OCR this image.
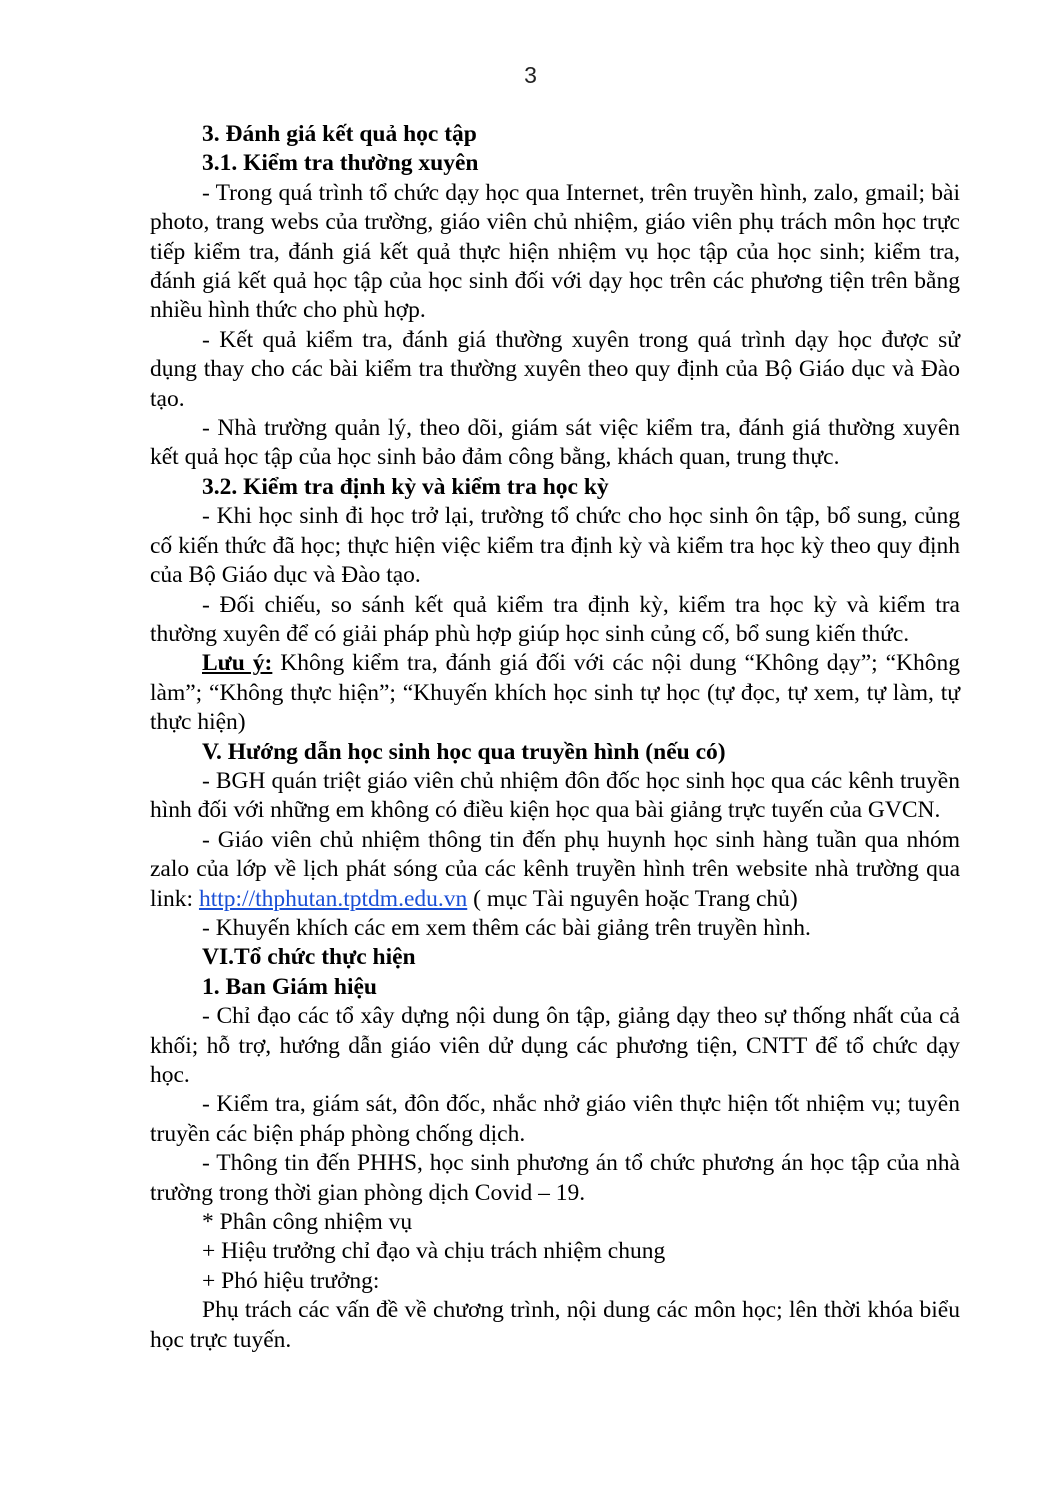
3

3. Đánh giá kết quả học tập

3.1. Kiểm tra thường xuyên

- Trong quá trình tổ chức dạy học qua Internet, trên truyền hình, zalo, gmail; bài photo, trang webs của trường, giáo viên chủ nhiệm, giáo viên phụ trách môn học trực tiếp kiểm tra, đánh giá kết quả thực hiện nhiệm vụ học tập của học sinh; kiểm tra, đánh giá kết quả học tập của học sinh đối với dạy học trên các phương tiện trên bằng nhiều hình thức cho phù hợp.

- Kết quả kiểm tra, đánh giá thường xuyên trong quá trình dạy học được sử dụng thay cho các bài kiểm tra thường xuyên theo quy định của Bộ Giáo dục và Đào tạo.

- Nhà trường quản lý, theo dõi, giám sát việc kiểm tra, đánh giá thường xuyên kết quả học tập của học sinh bảo đảm công bằng, khách quan, trung thực.

3.2. Kiểm tra định kỳ và kiểm tra học kỳ

- Khi học sinh đi học trở lại, trường tổ chức cho học sinh ôn tập, bổ sung, củng cố kiến thức đã học; thực hiện việc kiểm tra định kỳ và kiểm tra học kỳ theo quy định của Bộ Giáo dục và Đào tạo.

- Đối chiếu, so sánh kết quả kiểm tra định kỳ, kiểm tra học kỳ và kiểm tra thường xuyên để có giải pháp phù hợp giúp học sinh củng cố, bổ sung kiến thức.

Lưu ý: Không kiểm tra, đánh giá đối với các nội dung “Không dạy”; “Không làm”; “Không thực hiện”; “Khuyến khích học sinh tự học (tự đọc, tự xem, tự làm, tự thực hiện)

V. Hướng dẫn học sinh học qua truyền hình (nếu có)

- BGH quán triệt giáo viên chủ nhiệm đôn đốc học sinh học qua các kênh truyền hình đối với những em không có điều kiện học qua bài giảng trực tuyến của GVCN.

- Giáo viên chủ nhiệm thông tin đến phụ huynh học sinh hàng tuần qua nhóm zalo của lớp về lịch phát sóng của các kênh truyền hình trên website nhà trường qua link: http://thphutan.tptdm.edu.vn ( mục Tài nguyên hoặc Trang chủ)

- Khuyến khích các em xem thêm các bài giảng trên truyền hình.

VI.Tổ chức thực hiện

1. Ban Giám hiệu

- Chỉ đạo các tổ xây dựng nội dung ôn tập, giảng dạy theo sự thống nhất của cả khối; hỗ trợ, hướng dẫn giáo viên dử dụng các phương tiện, CNTT để tổ chức dạy học.

- Kiểm tra, giám sát, đôn đốc, nhắc nhở giáo viên thực hiện tốt nhiệm vụ; tuyên truyền các biện pháp phòng chống dịch.

- Thông tin đến PHHS, học sinh phương án tổ chức phương án học tập của nhà trường trong thời gian phòng dịch Covid – 19.

* Phân công nhiệm vụ

+ Hiệu trưởng chỉ đạo và chịu trách nhiệm chung

+ Phó hiệu trưởng:

Phụ trách các vấn đề về chương trình, nội dung các môn học; lên thời khóa biểu học trực tuyến.
